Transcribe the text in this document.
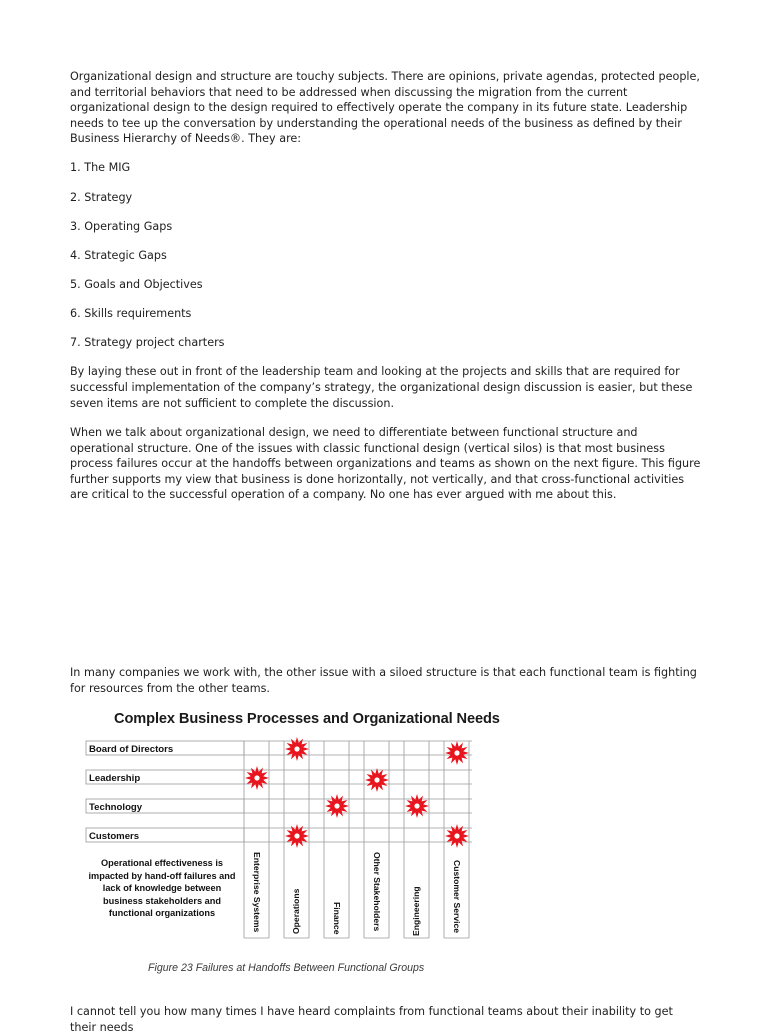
Organizational design and structure are touchy subjects. There are opinions, private agendas, protected people, and territorial behaviors that need to be addressed when discussing the migration from the current organizational design to the design required to effectively operate the company in its future state. Leadership needs to tee up the conversation by understanding the operational needs of the business as defined by their Business Hierarchy of Needs®. They are:

1. The MIG

2. Strategy

3. Operating Gaps

4. Strategic Gaps

5. Goals and Objectives

6. Skills requirements

7. Strategy project charters

By laying these out in front of the leadership team and looking at the projects and skills that are required for successful implementation of the company’s strategy, the organizational design discussion is easier, but these seven items are not sufficient to complete the discussion.

When we talk about organizational design, we need to differentiate between functional structure and operational structure. One of the issues with classic functional design (vertical silos) is that most business process failures occur at the handoffs between organizations and teams as shown on the next figure. This figure further supports my view that business is done horizontally, not vertically, and that cross-functional activities are critical to the successful operation of a company. No one has ever argued with me about this.

In many companies we work with, the other issue with a siloed structure is that each functional team is fighting for resources from the other teams.

Complex Business Processes and Organizational Needs
Board of Directors
Leadership
Technology
Customers
Enterprise Systems	Operations	Finance	Other Stakeholders	Engineering	Customer Service
Operational effectiveness is impacted by hand-off failures and lack of knowledge between business stakeholders and functional organizations
Figure 23 Failures at Handoffs Between Functional Groups

I cannot tell you how many times I have heard complaints from functional teams about their inability to get their needs
